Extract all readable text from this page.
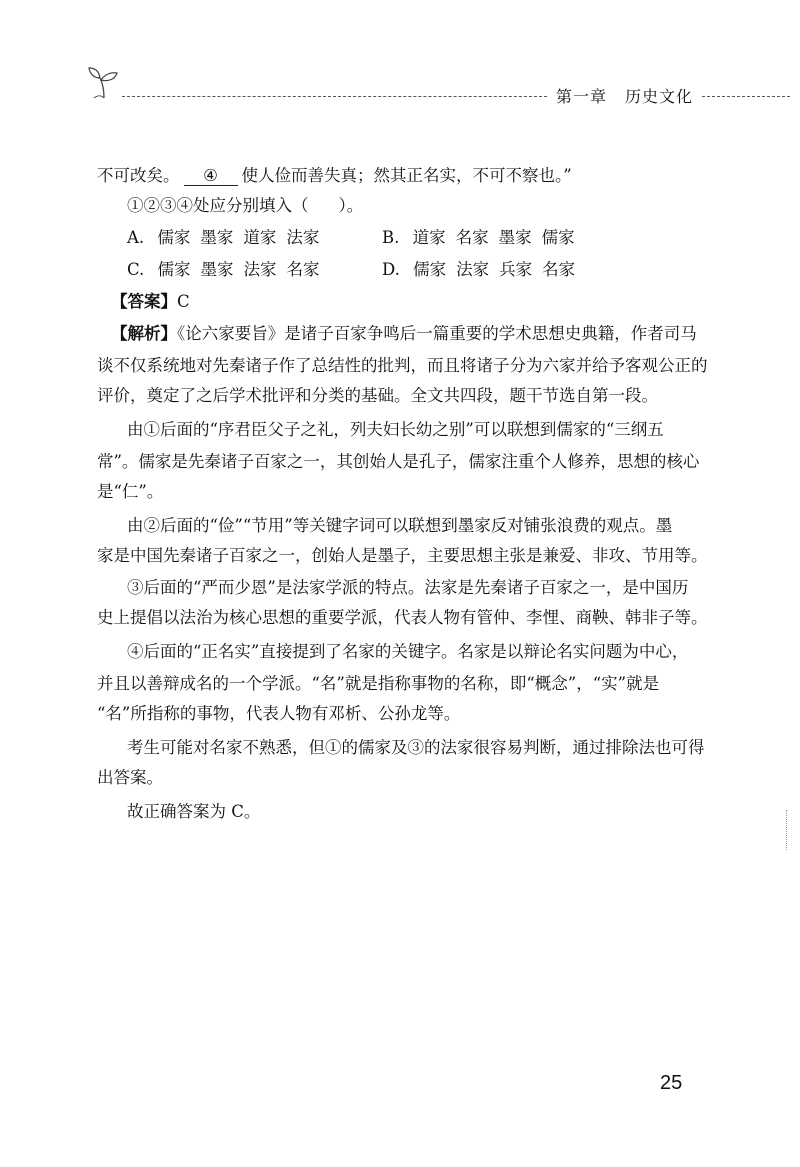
第一章 历史文化
不可改矣。 ④ 使人俭而善失真；然其正名实，不可不察也。”
①②③④处应分别填入（ ）。
A. 儒家 墨家 道家 法家	B. 道家 名家 墨家 儒家
C. 儒家 墨家 法家 名家	D. 儒家 法家 兵家 名家
【答案】C
【解析】《论六家要旨》是诸子百家争鸣后一篇重要的学术思想史典籍，作者司马
谈不仅系统地对先秦诸子作了总结性的批判，而且将诸子分为六家并给予客观公正的
评价，奠定了之后学术批评和分类的基础。全文共四段，题干节选自第一段。
由①后面的“序君臣父子之礼，列夫妇长幼之别”可以联想到儒家的“三纲五
常”。儒家是先秦诸子百家之一，其创始人是孔子，儒家注重个人修养，思想的核心
是“仁”。
由②后面的“俭”“节用”等关键字词可以联想到墨家反对铺张浪费的观点。墨
家是中国先秦诸子百家之一，创始人是墨子，主要思想主张是兼爱、非攻、节用等。
③后面的“严而少恩”是法家学派的特点。法家是先秦诸子百家之一，是中国历
史上提倡以法治为核心思想的重要学派，代表人物有管仲、李悝、商鞅、韩非子等。
④后面的“正名实”直接提到了名家的关键字。名家是以辩论名实问题为中心，
并且以善辩成名的一个学派。“名”就是指称事物的名称，即“概念”，“实”就是
“名”所指称的事物，代表人物有邓析、公孙龙等。
考生可能对名家不熟悉，但①的儒家及③的法家很容易判断，通过排除法也可得
出答案。
故正确答案为 C。
25
